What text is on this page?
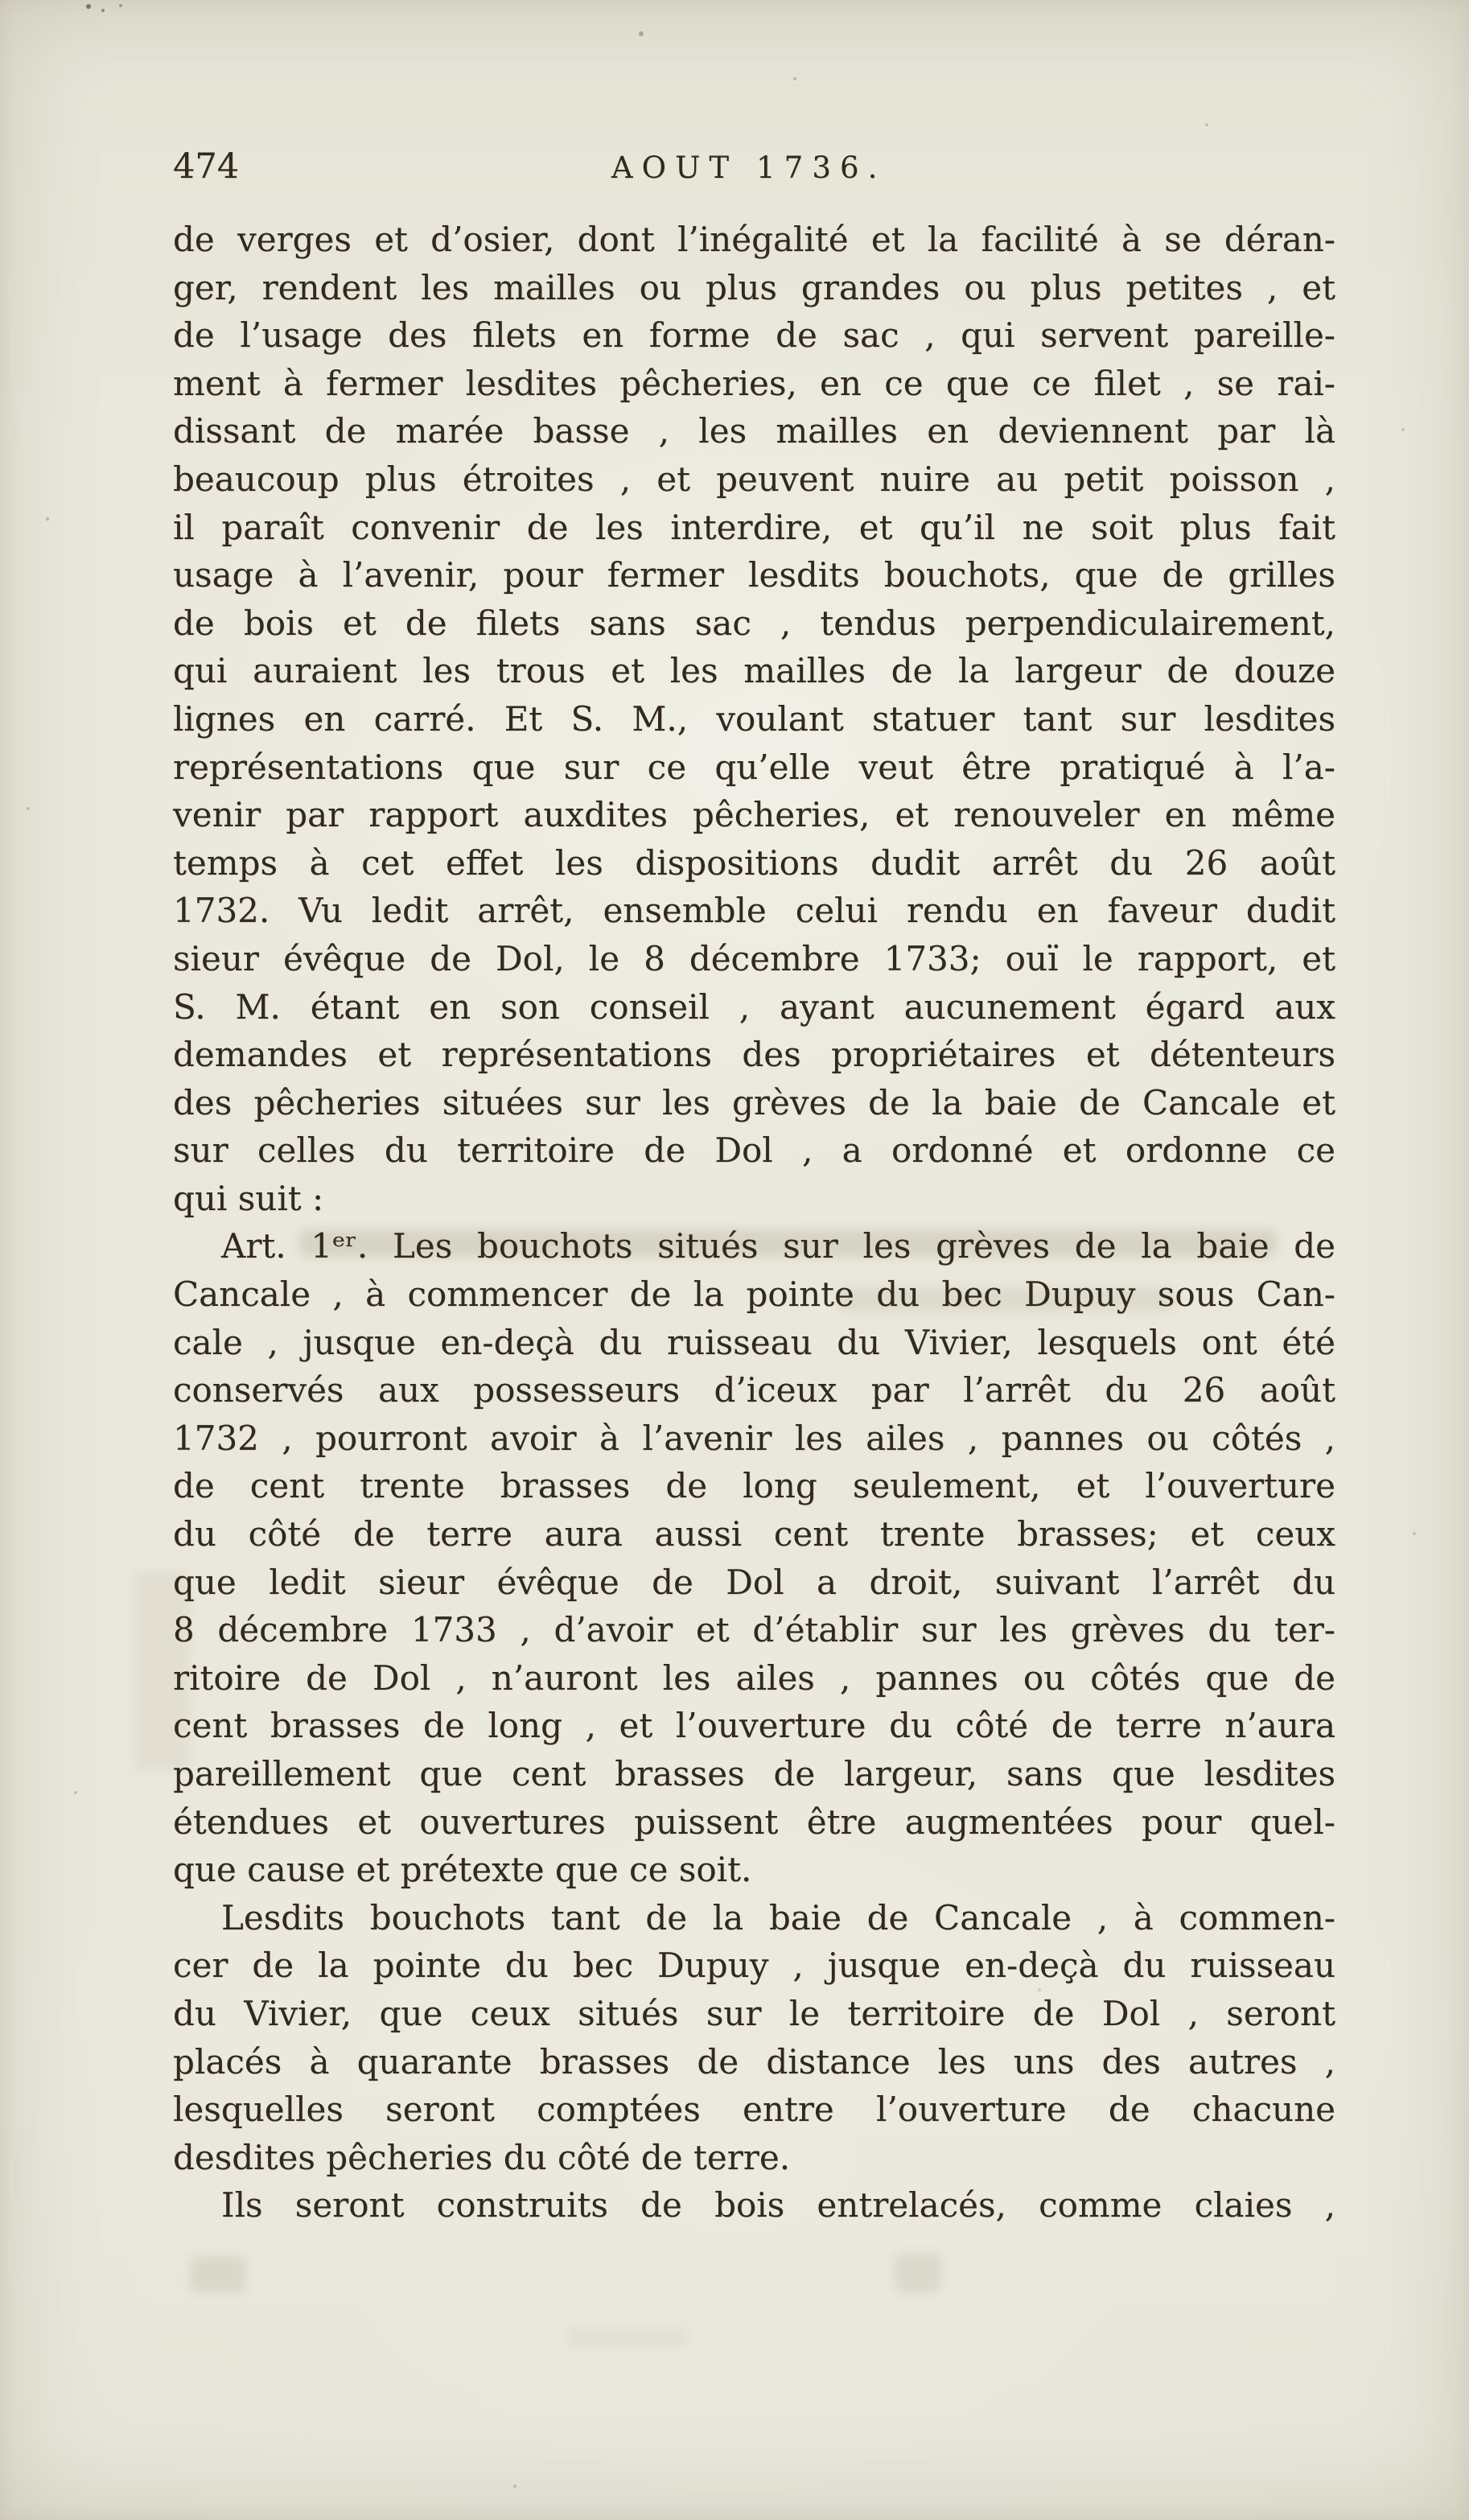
474	AOUT 1736.
de verges et d’osier, dont l’inégalité et la facilité à se déran-
ger, rendent les mailles ou plus grandes ou plus petites , et
de l’usage des filets en forme de sac , qui servent pareille-
ment à fermer lesdites pêcheries, en ce que ce filet , se rai-
dissant de marée basse , les mailles en deviennent par là
beaucoup plus étroites , et peuvent nuire au petit poisson ,
il paraît convenir de les interdire, et qu’il ne soit plus fait
usage à l’avenir, pour fermer lesdits bouchots, que de grilles
de bois et de filets sans sac , tendus perpendiculairement,
qui auraient les trous et les mailles de la largeur de douze
lignes en carré. Et S. M., voulant statuer tant sur lesdites
représentations que sur ce qu’elle veut être pratiqué à l’a-
venir par rapport auxdites pêcheries, et renouveler en même
temps à cet effet les dispositions dudit arrêt du 26 août
1732. Vu ledit arrêt, ensemble celui rendu en faveur dudit
sieur évêque de Dol, le 8 décembre 1733; ouï le rapport, et
S. M. étant en son conseil , ayant aucunement égard aux
demandes et représentations des propriétaires et détenteurs
des pêcheries situées sur les grèves de la baie de Cancale et
sur celles du territoire de Dol , a ordonné et ordonne ce
qui suit :
Art. 1ᵉʳ. Les bouchots situés sur les grèves de la baie de
Cancale , à commencer de la pointe du bec Dupuy sous Can-
cale , jusque en-deçà du ruisseau du Vivier, lesquels ont été
conservés aux possesseurs d’iceux par l’arrêt du 26 août
1732 , pourront avoir à l’avenir les ailes , pannes ou côtés ,
de cent trente brasses de long seulement, et l’ouverture
du côté de terre aura aussi cent trente brasses; et ceux
que ledit sieur évêque de Dol a droit, suivant l’arrêt du
8 décembre 1733 , d’avoir et d’établir sur les grèves du ter-
ritoire de Dol , n’auront les ailes , pannes ou côtés que de
cent brasses de long , et l’ouverture du côté de terre n’aura
pareillement que cent brasses de largeur, sans que lesdites
étendues et ouvertures puissent être augmentées pour quel-
que cause et prétexte que ce soit.
Lesdits bouchots tant de la baie de Cancale , à commen-
cer de la pointe du bec Dupuy , jusque en-deçà du ruisseau
du Vivier, que ceux situés sur le territoire de Dol , seront
placés à quarante brasses de distance les uns des autres ,
lesquelles seront comptées entre l’ouverture de chacune
desdites pêcheries du côté de terre.
Ils seront construits de bois entrelacés, comme claies ,
